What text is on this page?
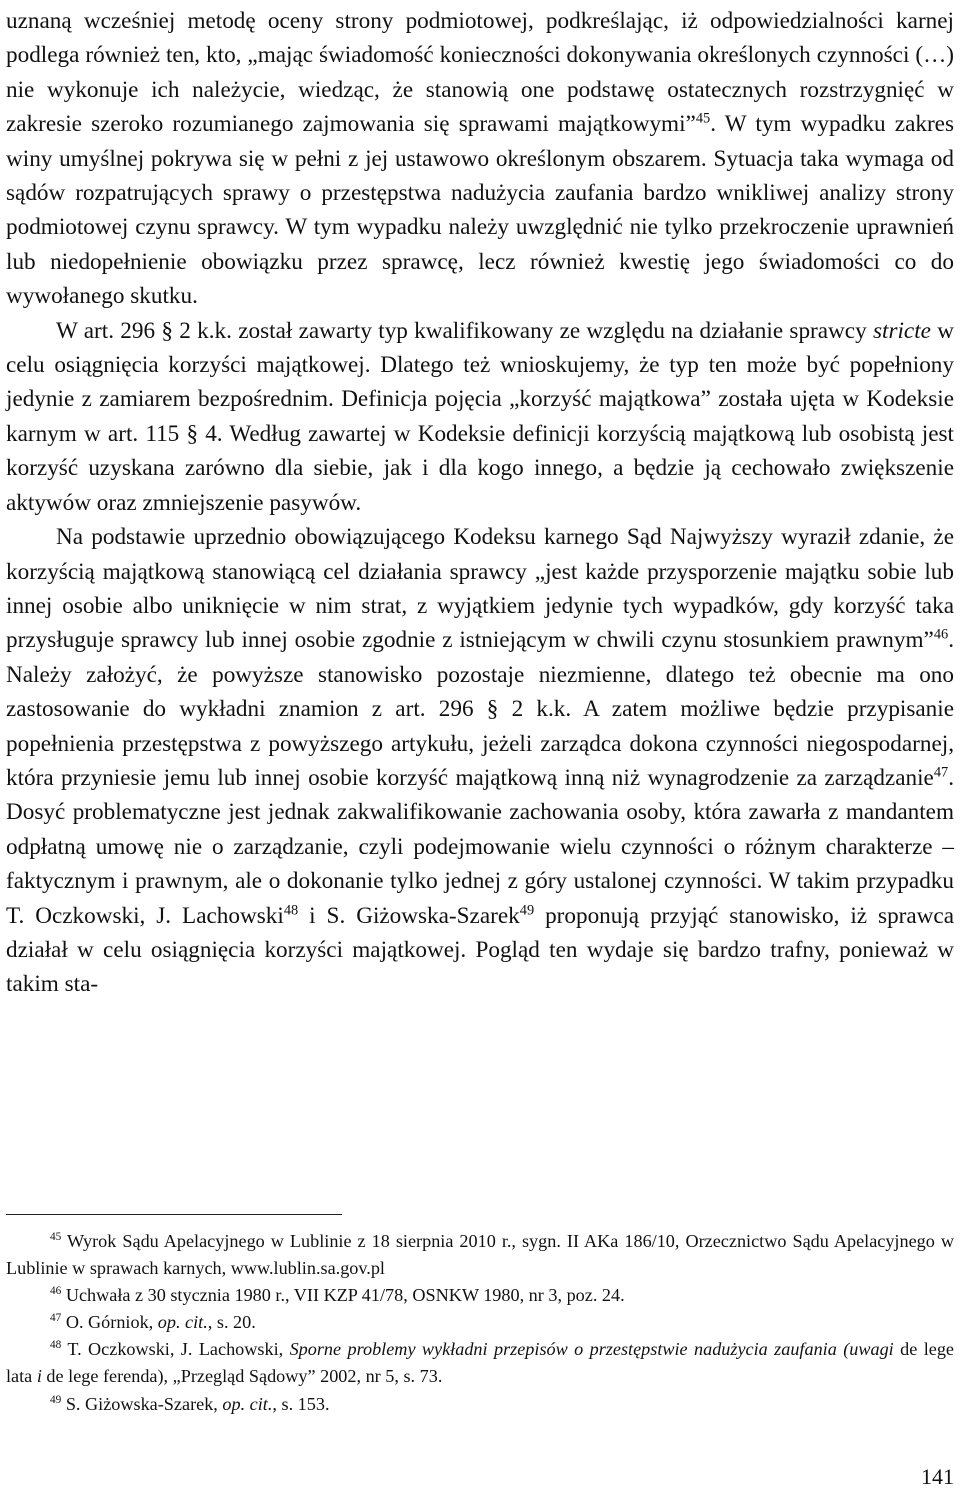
uznaną wcześniej metodę oceny strony podmiotowej, podkreślając, iż odpowiedzialności karnej podlega również ten, kto, „mając świadomość konieczności dokonywania określonych czynności (…) nie wykonuje ich należycie, wiedząc, że stanowią one podstawę ostatecznych rozstrzygnięć w zakresie szeroko rozumianego zajmowania się sprawami majątkowymi”$^{45}$. W tym wypadku zakres winy umyślnej pokrywa się w pełni z jej ustawowo określonym obszarem. Sytuacja taka wymaga od sądów rozpatrujących sprawy o przestępstwa nadużycia zaufania bardzo wnikliwej analizy strony podmiotowej czynu sprawcy. W tym wypadku należy uwzględnić nie tylko przekroczenie uprawnień lub niedopełnienie obowiązku przez sprawcę, lecz również kwestię jego świadomości co do wywołanego skutku.

W art. 296 § 2 k.k. został zawarty typ kwalifikowany ze względu na działanie sprawcy stricte w celu osiągnięcia korzyści majątkowej. Dlatego też wnioskujemy, że typ ten może być popełniony jedynie z zamiarem bezpośrednim. Definicja pojęcia „korzyść majątkowa” została ujęta w Kodeksie karnym w art. 115 § 4. Według zawartej w Kodeksie definicji korzyścią majątkową lub osobistą jest korzyść uzyskana zarówno dla siebie, jak i dla kogo innego, a będzie ją cechowało zwiększenie aktywów oraz zmniejszenie pasywów.

Na podstawie uprzednio obowiązującego Kodeksu karnego Sąd Najwyższy wyraził zdanie, że korzyścią majątkową stanowiącą cel działania sprawcy „jest każde przysporzenie majątku sobie lub innej osobie albo uniknięcie w nim strat, z wyjątkiem jedynie tych wypadków, gdy korzyść taka przysługuje sprawcy lub innej osobie zgodnie z istniejącym w chwili czynu stosunkiem prawnym”$^{46}$. Należy założyć, że powyższe stanowisko pozostaje niezmienne, dlatego też obecnie ma ono zastosowanie do wykładni znamion z art. 296 § 2 k.k. A zatem możliwe będzie przypisanie popełnienia przestępstwa z powyższego artykułu, jeżeli zarządca dokona czynności niegospodarnej, która przyniesie jemu lub innej osobie korzyść majątkową inną niż wynagrodzenie za zarządzanie$^{47}$. Dosyć problematyczne jest jednak zakwalifikowanie zachowania osoby, która zawarła z mandantem odpłatną umowę nie o zarządzanie, czyli podejmowanie wielu czynności o różnym charakterze – faktycznym i prawnym, ale o dokonanie tylko jednej z góry ustalonej czynności. W takim przypadku T. Oczkowski, J. Lachowski$^{48}$ i S. Giżowska-Szarek$^{49}$ proponują przyjąć stanowisko, iż sprawca działał w celu osiągnięcia korzyści majątkowej. Pogląd ten wydaje się bardzo trafny, ponieważ w takim sta-

$^{45}$ Wyrok Sądu Apelacyjnego w Lublinie z 18 sierpnia 2010 r., sygn. II AKa 186/10, Orzecznictwo Sądu Apelacyjnego w Lublinie w sprawach karnych, www.lublin.sa.gov.pl

$^{46}$ Uchwała z 30 stycznia 1980 r., VII KZP 41/78, OSNKW 1980, nr 3, poz. 24.

$^{47}$ O. Górniok, op. cit., s. 20.

$^{48}$ T. Oczkowski, J. Lachowski, Sporne problemy wykładni przepisów o przestępstwie nadużycia zaufania (uwagi de lege lata i de lege ferenda), „Przegląd Sądowy” 2002, nr 5, s. 73.

$^{49}$ S. Giżowska-Szarek, op. cit., s. 153.

141
